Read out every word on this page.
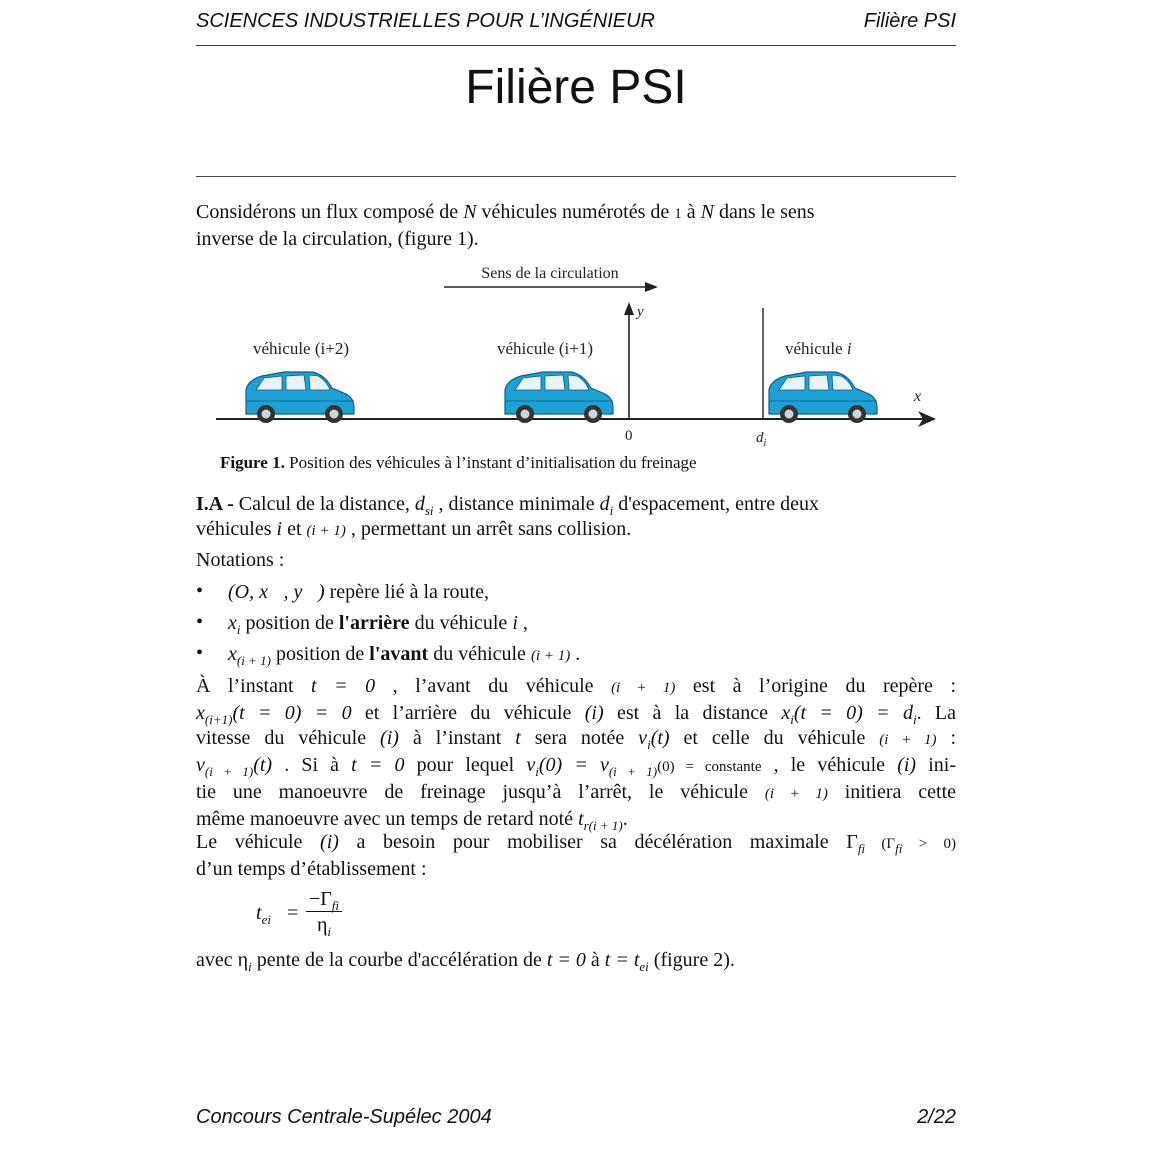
SCIENCES INDUSTRIELLES POUR L’INGÉNIEUR	Filière PSI
Filière PSI
Considérons un flux composé de N véhicules numérotés de 1 à N dans le sens
inverse de la circulation, (figure 1).
Sens de la circulation
x
y
0	$d_i$
véhicule (i+2)	véhicule (i+1)	véhicule i
Figure 1. Position des véhicules à l’instant d’initialisation du freinage
I.A - Calcul de la distance, $d_{si}$ , distance minimale $d_i$ d'espacement, entre deux
véhicules i et (i + 1) , permettant un arrêt sans collision.
Notations :
• (O, x⃗, y⃗) repère lié à la route,
• $x_i$ position de l'arrière du véhicule i ,
• $x_{(i + 1)}$ position de l'avant du véhicule (i + 1) .
À l’instant t = 0 , l’avant du véhicule (i + 1) est à l’origine du repère :
$x_{(i+1)}(t = 0) = 0$ et l’arrière du véhicule (i) est à la distance $x_i(t = 0) = d_i$. La
vitesse du véhicule (i) à l’instant t sera notée $v_i(t)$ et celle du véhicule (i + 1) :
$v_{(i + 1)}(t)$ . Si à t = 0 pour lequel $v_i(0) = v_{(i + 1)}(0)$ = constante , le véhicule (i) ini-
tie une manoeuvre de freinage jusqu’à l’arrêt, le véhicule (i + 1) initiera cette
même manoeuvre avec un temps de retard noté $t_{r(i + 1)}$.
Le véhicule (i) a besoin pour mobiliser sa décélération maximale $\Gamma_{fi}$ $(\Gamma_{fi} > 0)$
d’un temps d’établissement :
$t_{ei}$ =
$-\Gamma_{fi}$
$\eta_i$
avec $\eta_i$ pente de la courbe d'accélération de t = 0 à $t = t_{ei}$ (figure 2).
Concours Centrale-Supélec 2004	2/22
